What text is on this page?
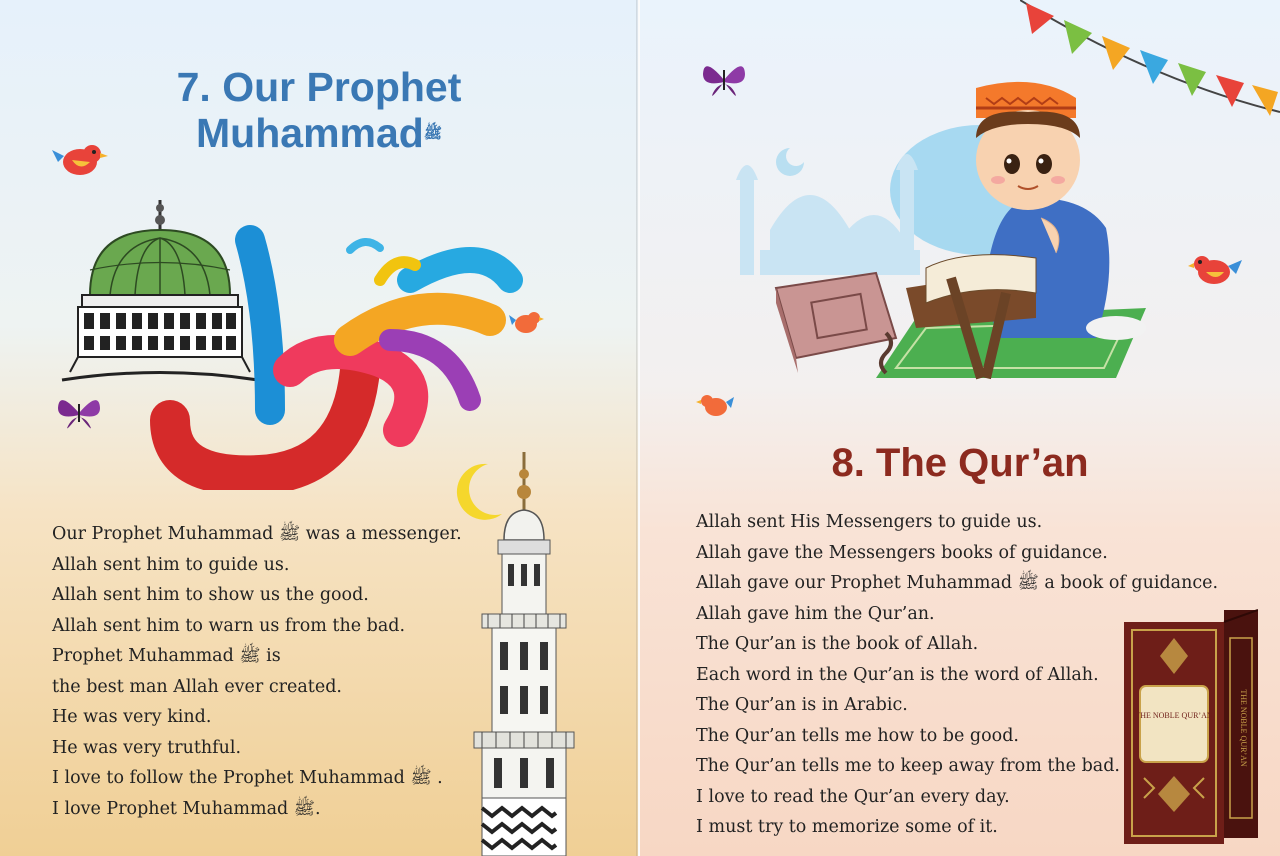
7. Our Prophet
Muhammad$^ﷺ$
Our Prophet Muhammad ﷺ was a messenger.
Allah sent him to guide us.
Allah sent him to show us the good.
Allah sent him to warn us from the bad.
Prophet Muhammad ﷺ is
the best man Allah ever created.
He was very kind.
He was very truthful.
I love to follow the Prophet Muhammad ﷺ .
I love Prophet Muhammad ﷺ.
8. The Qur’an
Allah sent His Messengers to guide us.
Allah gave the Messengers books of guidance.
Allah gave our Prophet Muhammad ﷺ a book of guidance.
Allah gave him the Qur’an.
The Qur’an is the book of Allah.
Each word in the Qur’an is the word of Allah.
The Qur’an is in Arabic.
The Qur’an tells me how to be good.
The Qur’an tells me to keep away from the bad.
I love to read the Qur’an every day.
I must try to memorize some of it.
THE NOBLE QUR’AN	THE NOBLE QUR’AN
